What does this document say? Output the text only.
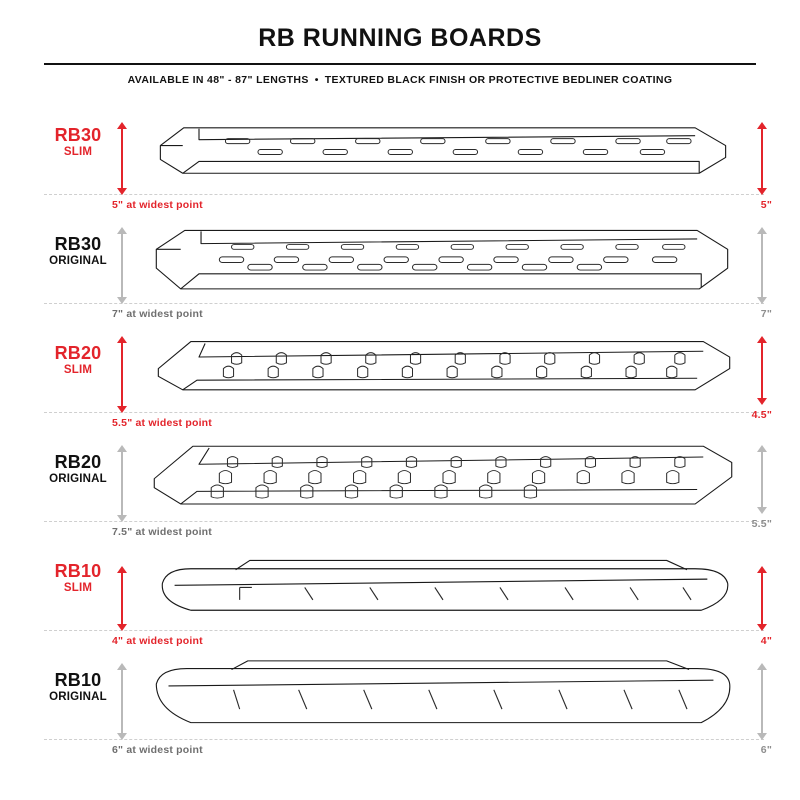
RB RUNNING BOARDS
AVAILABLE IN 48" - 87" LENGTHS • TEXTURED BLACK FINISH OR PROTECTIVE BEDLINER COATING
RB30
SLIM
5" at widest point	5"
RB30
ORIGINAL
7" at widest point	7"
RB20
SLIM
5.5" at widest point
4.5"
RB20
ORIGINAL
7.5" at widest point
5.5"
RB10
SLIM
4" at widest point	4"
RB10
ORIGINAL
6" at widest point	6"
